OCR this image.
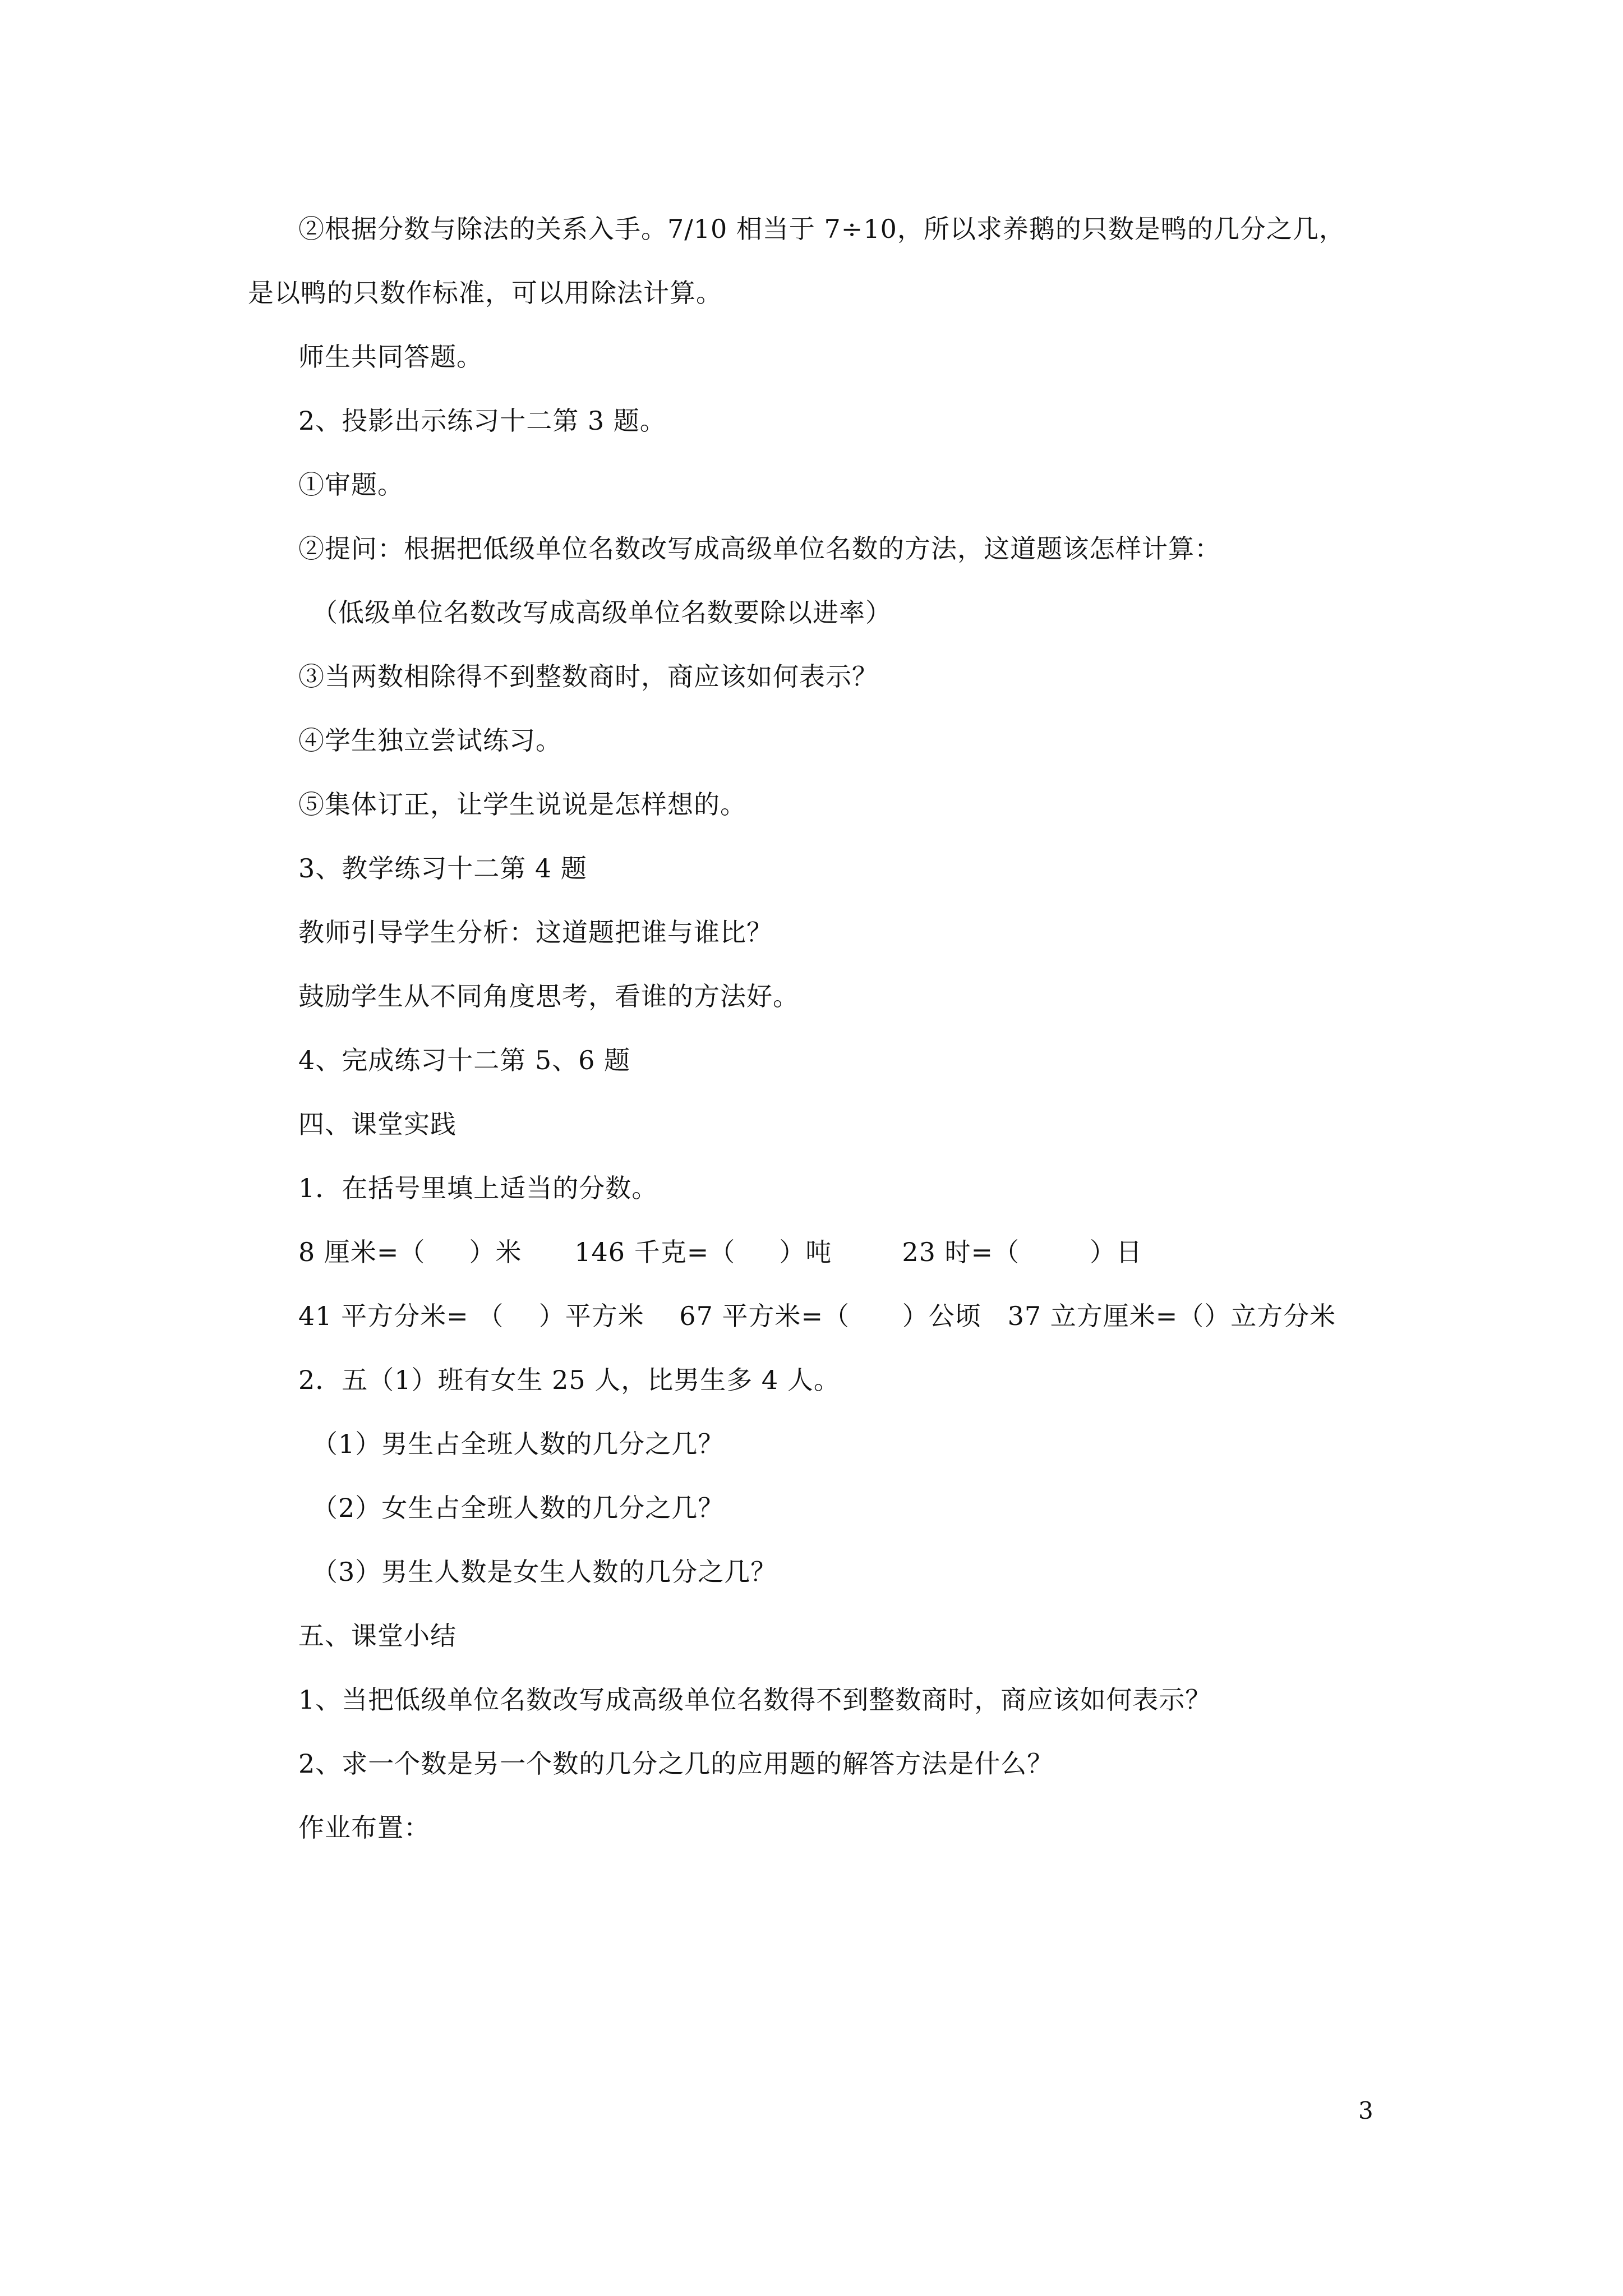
②根据分数与除法的关系入手。7/10 相当于 7÷10，所以求养鹅的只数是鸭的几分之几，
是以鸭的只数作标准，可以用除法计算。
师生共同答题。
2、投影出示练习十二第 3 题。
①审题。
②提问：根据把低级单位名数改写成高级单位名数的方法，这道题该怎样计算：
（低级单位名数改写成高级单位名数要除以进率）
③当两数相除得不到整数商时，商应该如何表示？
④学生独立尝试练习。
⑤集体订正，让学生说说是怎样想的。
3、教学练习十二第 4 题
教师引导学生分析：这道题把谁与谁比？
鼓励学生从不同角度思考，看谁的方法好。
4、完成练习十二第 5、6 题
四、课堂实践
1．在括号里填上适当的分数。
8 厘米=（     ）米      146 千克=（     ）吨        23 时=（        ）日
41 平方分米= （    ）平方米    67 平方米=（      ）公顷   37 立方厘米=（）立方分米
2．五（1）班有女生 25 人，比男生多 4 人。
（1）男生占全班人数的几分之几？
（2）女生占全班人数的几分之几？
（3）男生人数是女生人数的几分之几？
五、课堂小结
1、当把低级单位名数改写成高级单位名数得不到整数商时，商应该如何表示？
2、求一个数是另一个数的几分之几的应用题的解答方法是什么？
作业布置：
3
